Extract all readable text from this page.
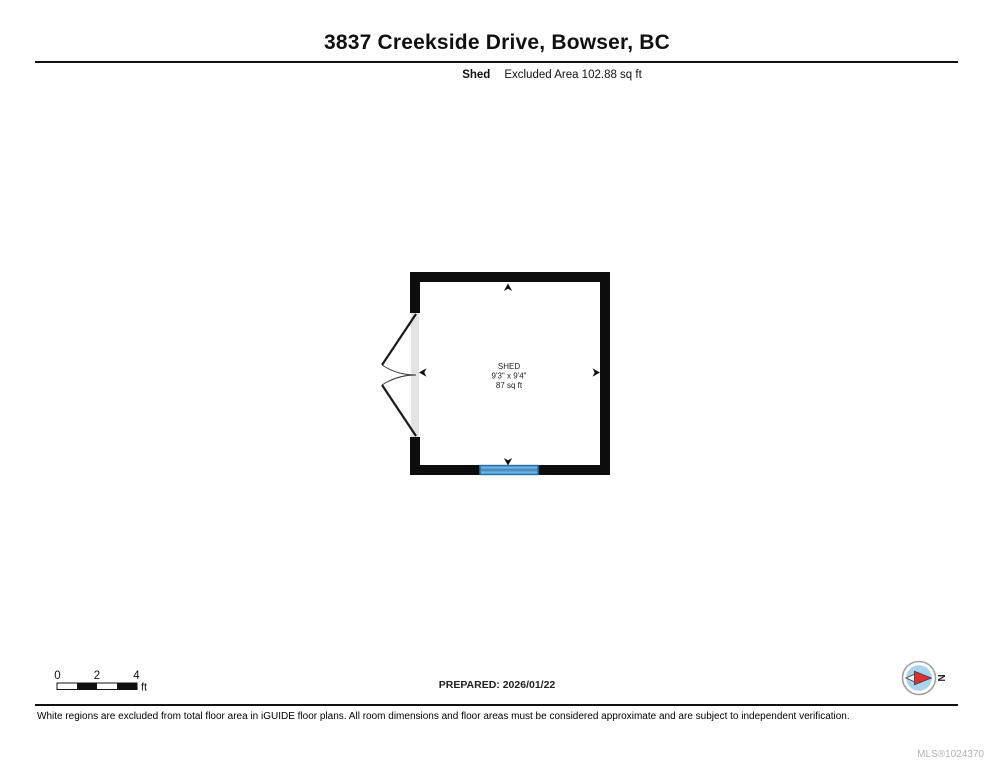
3837 Creekside Drive, Bowser, BC
Shed Excluded Area 102.88 sq ft
SHED
9'3" x 9'4"
87 sq ft
0	2	4
ft	PREPARED: 2026/01/22
N
White regions are excluded from total floor area in iGUIDE floor plans. All room dimensions and floor areas must be considered approximate and are subject to independent verification.
MLS®1024370
